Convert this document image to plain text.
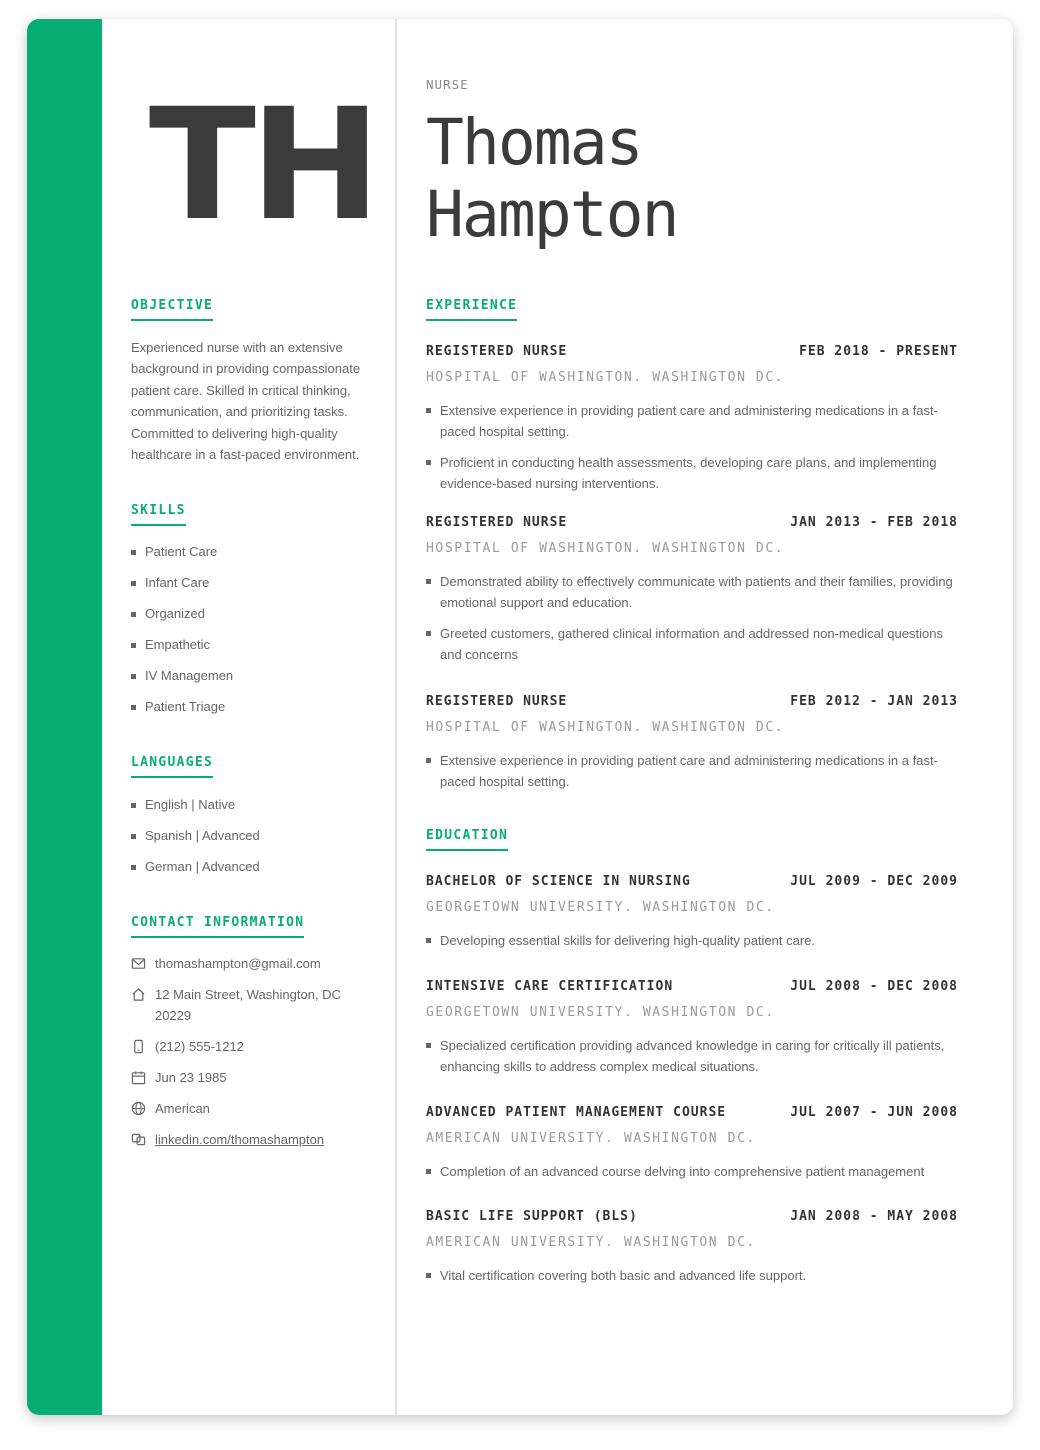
TH
OBJECTIVE
Experienced nurse with an extensive background in providing compassionate patient care. Skilled in critical thinking, communication, and prioritizing tasks. Committed to delivering high-quality healthcare in a fast-paced environment.
SKILLS
Patient Care
Infant Care
Organized
Empathetic
IV Managemen
Patient Triage
LANGUAGES
English | Native
Spanish | Advanced
German | Advanced
CONTACT INFORMATION
thomashampton@gmail.com
12 Main Street, Washington, DC
20229
(212) 555-1212
Jun 23 1985
American
linkedin.com/thomashampton
NURSE
Thomas
Hampton
EXPERIENCE
REGISTERED NURSE	FEB 2018 - PRESENT
HOSPITAL OF WASHINGTON. WASHINGTON DC.
Extensive experience in providing patient care and administering medications in a fast-paced hospital setting.
Proficient in conducting health assessments, developing care plans, and implementing evidence-based nursing interventions.
REGISTERED NURSE	JAN 2013 - FEB 2018
HOSPITAL OF WASHINGTON. WASHINGTON DC.
Demonstrated ability to effectively communicate with patients and their families, providing emotional support and education.
Greeted customers, gathered clinical information and addressed non-medical questions and concerns
REGISTERED NURSE	FEB 2012 - JAN 2013
HOSPITAL OF WASHINGTON. WASHINGTON DC.
Extensive experience in providing patient care and administering medications in a fast-paced hospital setting.
EDUCATION
BACHELOR OF SCIENCE IN NURSING	JUL 2009 - DEC 2009
GEORGETOWN UNIVERSITY. WASHINGTON DC.
Developing essential skills for delivering high-quality patient care.
INTENSIVE CARE CERTIFICATION	JUL 2008 - DEC 2008
GEORGETOWN UNIVERSITY. WASHINGTON DC.
Specialized certification providing advanced knowledge in caring for critically ill patients, enhancing skills to address complex medical situations.
ADVANCED PATIENT MANAGEMENT COURSE	JUL 2007 - JUN 2008
AMERICAN UNIVERSITY. WASHINGTON DC.
Completion of an advanced course delving into comprehensive patient management
BASIC LIFE SUPPORT (BLS)	JAN 2008 - MAY 2008
AMERICAN UNIVERSITY. WASHINGTON DC.
Vital certification covering both basic and advanced life support.
